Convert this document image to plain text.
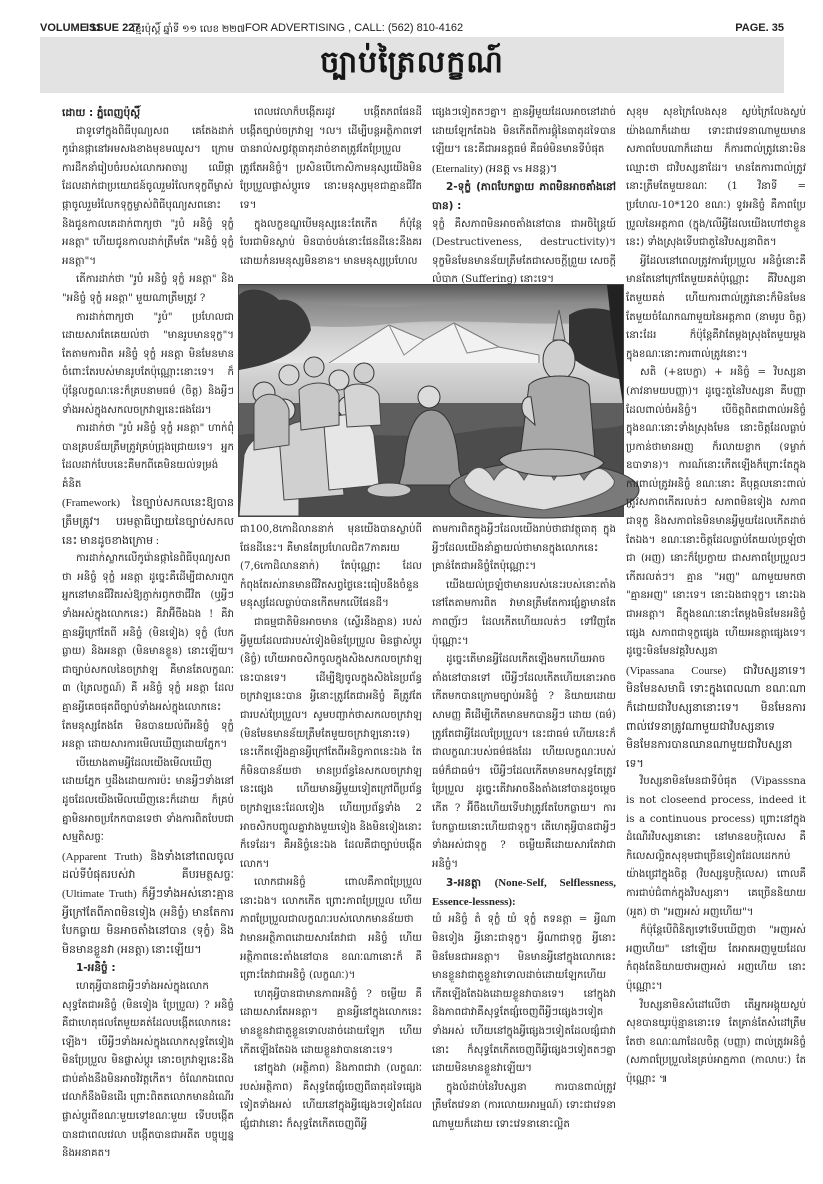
VOLUME 11
ISSUE 227
ខ្មែរប៉ុស្តិ៍ ឆ្នាំទី ១១ លេខ ២២៧ FOR ADVERTISING , CALL: (562) 810-4162	PAGE. 35
ច្បាប់ត្រៃលក្ខណ៍

ដោយ : ភ្នំពេញប៉ុស្តិ៍

ជាទូទៅក្នុងពិធីបុណ្យសព គេតែងដាក់កូរ៉ោនផ្កានៅអមសងខាងមុខមឈូស។ ក្រោមការដឹកនាំរៀបចំរបស់លោកអាចារ្យ ឈើផ្កាដែលដាក់ជាប្រយោជន៍ចូលរួមរំលែកទុក្ខពីម្ចាស់ផ្កាចូលរួមរំលែកទុក្ខម្ចាស់ពិធីបុណ្យសពនោះ និងជូនកាលគេដាក់ពាក្យថា "រូបំ អនិច្ចំ ទុក្ខំ អនត្តា" ហើយជូនកាលដាក់ត្រឹមតែ "អនិច្ចំ ទុក្ខំ អនត្តា"។

តើការដាក់ថា "រូបំ អនិច្ចំ ទុក្ខំ អនត្តា" និង "អនិច្ចំ ទុក្ខំ អនត្តា" មួយណាត្រឹមត្រូវ ?

ការដាក់ពាក្យថា "រូបំ" ប្រហែលជាដោយសារតែគេយល់ថា "មានរូបមានទុក្ខ"។ តែតាមការពិត អនិច្ចំ ទុក្ខំ អនត្តា មិនមែនមានចំពោះតែរបស់មានរូបតែប៉ុណ្ណោះនោះទេ។ ក៏ប៉ុន្តែលក្ខណៈនេះក៏គ្របនាមធម៌ (ចិត្ត) និងអ្វីៗទាំងអស់ក្នុងសកលចក្រវាឡនេះផងដែរ។

ការដាក់ថា "រូបំ អនិច្ចំ ទុក្ខំ អនត្តា" ហាក់ពុំបានគ្របន័យត្រឹមត្រូវគ្រប់ជ្រុងជ្រោយទេ។ អ្នកដែលដាក់បែបនេះគឺមកពីគេមិនយល់ទម្រង់គំនិត

(Framework) នៃច្បាប់សកលនេះឱ្យបានត្រឹមត្រូវ។ បរមត្ថាធិប្បាយនៃច្បាប់សកលនេះ មានដូចខាងក្រោម :

ការដាក់ស្លាកលើកូរ៉ោនផ្កានៃពិធីបុណ្យសព ថា អនិច្ចំ ទុក្ខំ អនត្តា ដូច្នេះគឺដើម្បីជាសារពួកអ្នកនៅមានជីវិតរស់ឱ្យភ្ញាក់រឭកថាជីវិត (ឬអ្វីៗទាំងអស់ក្នុងលោកនេះ) គឺវាអ៊ីចឹងឯង ! គឺវាគ្មានអ្វីក្រៅតែពី អនិច្ចំ (មិនទៀង) ទុក្ខំ (បែកធ្លាយ) និងអនត្តា (មិនមានខ្លួន) នោះឡើយ។ ជាច្បាប់សកលនៃចក្រវាឡ គឺមានតែលក្ខណៈ ៣ (ត្រៃលក្ខណ៍) គឺ អនិច្ចំ ទុក្ខំ អនត្តា ដែលគ្មានអ្វីគេចផុតពីច្បាប់ទាំងអស់ក្នុងលោកនេះ តែមនុស្សតែងតែ មិនបានយល់ពីអនិច្ចំ ទុក្ខំ អនត្តា ដោយសារការមើលឃើញដោយភ្នែក។

បើយោងតាមអ្វីដែលយើងមើលឃើញដោយភ្នែក ឬដឹងដោយការប៉ះ មានអ្វីៗទាំងនៅដូចដែលយើងមើលឃើញនេះក៏ដោយ ក៏គ្រប់គ្នាមិនអាចប្រកែកបានទេថា ទាំងការពិតបែបជាសម្មតិសច្ចៈ

(Apparent Truth) និងទាំងនៅពេលចូលដល់ទីបំផុតរបស់វា គឺបរមត្ថសច្ចៈ (Ultimate Truth) ក៏អ្វីៗទាំងអស់នោះគ្មានអ្វីក្រៅតែពីភាពមិនទៀង (អនិច្ចំ) មានតែការបែកធ្លាយ មិនអាចតាំងនៅបាន (ទុក្ខំ) និងមិនមានខ្លួនវា (អនត្តា) នោះឡើយ។

1-អនិច្ចំ :

ហេតុអ្វីបានជាអ្វីៗទាំងអស់ក្នុងលោកសុទ្ធតែជាអនិច្ចំ (មិនទៀង ប្រែប្រួល) ? អនិច្ចំ គឺជាហេតុផលតែមួយគត់ដែលបង្កើតលោកនេះឡើង។ បើអ្វីៗទាំងអស់ក្នុងលោកសុទ្ធតែទៀង មិនប្រែប្រួល មិនផ្លាស់ប្តូរ នោះចក្រវាឡនេះនឹងជាប់គាំងនឹងមិនអាចវិវត្តកើត។ ចំណែកឯពេលវេលាក៏នឹងមិនដើរ ព្រោះពិតតលោកមានដំណើរផ្លាស់ប្តូរពីខណៈមួយទៅខណៈមួយ ទើបបង្កើតបានជាពេលវេលា បង្កើតបានជាអតីត បច្ចុប្បន្ន និងអនាគត។

ពេលវេលាក៏បង្កើតរដូវ បង្កើតភពផែនដី បង្កើតច្បាប់ចក្រវាឡ ។ល។ ដើម្បីបន្តអត្ថិភាពទៅបានរាល់សព្វវត្ថុធាតុដាច់ខាតត្រូវតែប្រែប្រួល ត្រូវតែអនិច្ចំ។ ប្រសិនបើកោសិកាមនុស្សយើងមិនប្រែប្រួលផ្លាស់ប្តូរទេ នោះមនុស្សមុខជាគ្មានជីវិតទេ។

ក្នុងលក្ខខណ្ឌបើមនុស្សនេះតែកើត ក៏ប៉ុន្តែបែរជាមិនស្លាប់ មិនបាច់បង់នោះផែនដីនេះនឹងគរដោយកំនរមនុស្សមិនខាន។ មានមនុស្សប្រហែល

ផ្សេងៗទៀតតៗគ្នា។ គ្មានអ្វីមួយដែលអាចនៅដាច់ដោយឡែកតែឯង មិនកើតពីការផ្គុំនៃធាតុដទៃបានឡើយ។ នេះគឺជាអនត្តធម៌ គឺធម៌មិនមានទីបំផុត

(Eternality) (អនត្ត vs អនន្ត)។

2-ទុក្ខំ (ភាពបែកធ្លាយ ភាពមិនអាចតាំងនៅបាន) :

ទុក្ខំ គឺសភាពមិនអាចតាំងនៅបាន ជាអចិន្ត្រៃយ៍ (Destructiveness, destructivity)។ ទុក្ខមិនមែនមានន័យត្រឹមតែជាសេចក្តីព្រួយ សេចក្តីលំបាក (Suffering) នោះទេ។

ជា100,8កោដិលាននាក់ មុនយើងបានស្លាប់ពីផែនដីនេះ។ គឺមានតែប្រហែលជិត7ភាគរយ

(7,6កោដិលាននាក់) តែប៉ុណ្ណោះ ដែលកំពុងតែរស់រានមានជីវិតសព្វថ្ងៃនេះធៀបនឹងចំនួនមនុស្សដែលធ្លាប់បានកើតមកលើផែនដី។

ជាធម្មជាតិមិនអាចមាន (ស្ទើរនឹងគ្មាន) របស់អ្វីមួយដែលជារបស់ទៀងមិនប្រែប្រួល មិនផ្លាស់ប្តូរ (និច្ចំ) ហើយអាចសិកចូលក្នុងសិងសកលចក្រវាឡនេះបានទេ។ ដើម្បីឱ្យចូលក្នុងសិងនៃប្រព័ន្ធចក្រវាឡនេះបាន អ្វីនោះត្រូវតែជាអនិច្ចំ គឺត្រូវតែជារបស់ប្រែប្រួល។ សូមបញ្ជាក់ថាសកលចក្រវាឡ (មិនមែនមានន័យត្រឹមតែមួយចក្រវាឡនោះទេ) នេះកើតឡើងគ្មានអ្វីក្រៅតែពីអនិច្ចភាពនេះឯង តែក៏មិនបានន័យថា មានប្រព័ន្ធនៃសកលចក្រវាឡនេះផ្សេង ហើយមានអ្វីមួយទៀតក្រៅពីប្រព័ន្ធចក្រវាឡនេះដែលទៀង ហើយប្រព័ន្ធទាំង 2 អាចសិកបញ្ចូលគ្នាវាងមួយទៀង និងមិនទៀងនោះក៏ទេដែរ។ គឺអនិច្ចំនេះឯង ដែលគឺជាច្បាប់បង្កើតលោក។

លោកជាអនិច្ចំ ពោលគឺភាពប្រែប្រួលនោះឯង។ លោកកើត ព្រោះភាពប្រែប្រួល ហើយភាពប្រែប្រួលជាលក្ខណៈរបស់លោកមានន័យថា វាមានអត្ថិភាពដោយសារតែវាជា អនិច្ចំ ហើយអត្ថិភាពនេះតាំងនៅបាន ខណៈណានោះក៏ គឺព្រោះតែវាជាអនិច្ចំ (លក្ខណៈ)។

ហេតុអ្វីបានជាមានភាពអនិច្ចំ ? ចម្លើយ គឺដោយសារតែអនត្តា។ គ្មានអ្វីនៅក្នុងលោកនេះមានខ្លួនវាជាតួខ្លួនទោលដាច់ដោយឡែក ហើយកើតឡើងតែឯង ដោយខ្លួនវាបាននោះទេ។

នៅក្នុងវា (អត្ថិភាព) និងភាពជាវា (លក្ខណៈរបស់អត្ថិភាព) គឺសុទ្ធតែផ្សំចេញពីធាតុដទៃផ្សេងទៀតទាំងអស់ ហើយនៅក្នុងអ្វីផ្សេងៗទៀតដែលផ្សំជាវានោះ ក៏សុទ្ធតែកើតចេញពីអ្វី

តាមការពិតក្នុងអ្វីៗដែលយើងរាប់ថាជាវត្ថុធាតុ ក្នុងអ្វីៗដែលយើងនាំគ្នាយល់ថាមានក្នុងលោកនេះ គ្រាន់តែជាអនិច្ចំតែប៉ុណ្ណោះ។

យើងយល់ច្រឡំថាមានរបស់នេះរបស់នោះតាំងនៅតែតាមការពិត វាមានត្រឹមតែការផ្សំគ្នាមានតែភាពញ័រៗ ដែលកើតហើយរលត់ៗ ទៅវិញតែប៉ុណ្ណោះ។

ដូច្នេះតើមានអ្វីដែលកើតឡើងមកហើយអាចតាំងនៅបានទៅ បើអ្វីៗដែលកើតហើយនោះអាចកើតមកបានក្រោមច្បាប់អនិច្ចំ ? និយាយដោយសាមញ្ញ គឺដើម្បីកើតមានមកបានអ្វីៗ ដោយ (ធម៌) ត្រូវតែជាអ្វីដែលប្រែប្រួល។ នេះជាធម៌ ហើយនេះក៏ជាលក្ខណៈរបស់ធម៌ផងដែរ ហើយលក្ខណៈរបស់ធម៌ក៏ជាធម៌។ បើអ្វីៗដែលកើតមានមកសុទ្ធតែត្រូវប្រែប្រួល ដូច្នេះតើវាអាចនឹងតាំងនៅបានដូចម្តេចកើត ? អ៊ីចឹងហើយទើបវាត្រូវតែបែកធ្លាយ។ ការបែកធ្លាយនោះហើយជាទុក្ខ។ តើហេតុអ្វីបានជាអ្វីៗទាំងអស់ជាទុក្ខ ? ចម្លើយគឺដោយសារតែវាជាអនិច្ចំ។

3-អនត្តា (None-Self, Selflessness, Essence-lessness):

យំ អនិច្ចំ តំ ទុក្ខំ យំ ទុក្ខំ តទនត្តា = អ្វីណាមិនទៀង អ្វីនោះជាទុក្ខ។ អ្វីណាជាទុក្ខ អ្វីនោះមិនមែនជាអនត្តា។ មិនមានអ្វីនៅក្នុងលោកនេះមានខ្លួនវាជាតួខ្លួនវាទោលដាច់ដោយឡែកហើយកើតឡើងតែឯងដោយខ្លួនវាបានទេ។ នៅក្នុងវា និងភាពជាវាគឺសុទ្ធតែផ្សំចេញពីអ្វីៗផ្សេងៗទៀតទាំងអស់ ហើយនៅក្នុងអ្វីផ្សេងៗទៀតដែលផ្សំជាវានោះ ក៏សុទ្ធតែកើតចេញពីអ្វីផ្សេងៗទៀតតៗគ្នា ដោយមិនមានខ្លួនវាឡើយ។

ក្នុងលំដាប់នៃវិបស្សនា ការបានពាល់ត្រូវត្រឹមតែវេទនា (ការលោយអារម្មណ៍) ទោះជាវេទនាណាមួយក៏ដោយ ទោះវេទនានោះល្អិត

សុខុម សុខក្រៃលែងសុខ ស្ងប់ក្រៃលែងស្ងប់យ៉ាងណាក៏ដោយ ទោះជាវេទនាណាមួយមានសភាពបែបណាក៏ដោយ ក៏ការពាល់ត្រូវនោះមិនឈ្មោះថា ជាវិបស្សនាដែរ។ មានតែការពាល់ត្រូវនោះត្រឹមតែមួយខណៈ (1 វិនាទី = ប្រហែល-10*120 ខណៈ) ទូវអនិច្ចំ គឺភាពប្រែប្រួលនៃអត្តភាព (ក្នុង/លើអ្វីដែលយើងហៅថាខ្លួននេះ) ទាំងស្រុងទើបជាតួនៃវិបស្សនាពិត។

អ្វីដែលនៅពេលត្រូវការប្រែប្រួល អនិច្ចំនោះគឺមានតែនៅក្រៅតែមួយគត់ប៉ុណ្ណោះ គឺវិបស្សនាតែមួយគត់ ហើយការពាល់ត្រូវនោះក៏មិនមែនតែមួយចំណែកណាមួយនៃអត្តភាព (នាមរូប ចិត្ត) នោះដែរ ក៏ប៉ុន្តែគឺវាតែម្តងស្រុងតែមួយម្តងក្នុងខណៈនោះការពាល់ត្រូវនោះ។

សតិ (+ឧបេក្ខា) + អនិច្ចំ = វិបស្សនា (ភាវនាមយបញ្ញា)។ ដូច្នេះតួនៃវិបស្សនា គឺបញ្ញាដែលពាល់ចំអនិច្ចំ។ បើចិត្តពិតជាពាល់អនិច្ចំ ក្នុងខណៈនោះទាំងស្រុងមែន នោះចិត្តដែលធ្លាប់ប្រកាន់ថាមានអញ ក៏រលាយខ្លាក (ទម្លាក់ឧបាទាន)។ ការណ៍នោះកើតឡើងក៏ព្រោះតែក្នុងការពាល់ត្រូវអនិច្ចំ ខណៈនោះ គឺបុគ្គលនោះពាល់ត្រូវសភាពកើតរលត់ៗ សភាពមិនទៀង សភាពជាទុក្ខ និងសភាពនៃមិនមានអ្វីមួយដែលកើតដាច់តែឯង។ ខណៈនោះចិត្តដែលធ្លាប់តែយល់ច្រឡំថាជា (អញ) នោះក៏ប្រែក្លាយ ជាសភាពប្រែប្រួលៗកើតរលត់ៗ។ គ្មាន "អញ" ណាមួយមកថា "គ្មានអញ" នោះទេ។ នោះឯងជាទុក្ខ។ នោះឯងជាអនត្តា។ គឺក្នុងខណៈនោះតែម្តងមិនមែនអនិច្ចំផ្សេង សភាពជាទុក្ខផ្សេង ហើយអនត្តាផ្សេងទេ។ ដូច្នេះមិនមែនវគ្គវិបស្សនា

(Vipassana Course) ជាវិបស្សនាទេ។ មិនមែនសមាធិ ទោះក្នុងពេលណា ខណៈណាក៏ដោយជាវិបស្សនានោះទេ។ មិនមែនការពាល់វេទនាត្រូវណាមួយជាវិបស្សនាទេ មិនមែនការបានឈានណាមួយជាវិបស្សនាទេ។

វិបស្សនាមិនមែនជាទីបំផុត (Vipasssna is not closeend process, indeed it is a continuous process) ព្រោះនៅក្នុងដំណើរវិបស្សនានោះ នៅមានឧបក្កិលេស គឺកិលេសល្អិតសុខុមជាច្រើនទៀតដែលដេកកប់យ៉ាងជ្រៅក្នុងចិត្ត (វិបស្សនូបក្កិលេស) ពោលគឺការជាប់ជំពាក់ក្នុងវិបស្សនា។ គេច្រើននិយាយ (អួត) ថា "អញអស់ អញហើយ"។

ក៏ប៉ុន្តែបើពិនិត្យទៅទើបឃើញថា "អញអស់ អញហើយ" នៅឡើយ តែអាតអញមួយដែលកំពុងតែនិយាយថាអញអស់ អញហើយ នោះប៉ុណ្ណោះ។

វិបស្សនាមិនសំដៅលើថា តើអ្នកអង្គុយស្ងប់សុខបានយូរប៉ុន្មាននោះទេ តែគ្រាន់តែសំដៅត្រឹមតែថា ខណៈណាដែលចិត្ត (បញ្ញា) ពាល់ត្រូវអនិច្ចំ (សភាពប្រែប្រួលនៃគ្រប់អាត្មភាព (កាលាបៈ) តែប៉ុណ្ណោះ ៕
